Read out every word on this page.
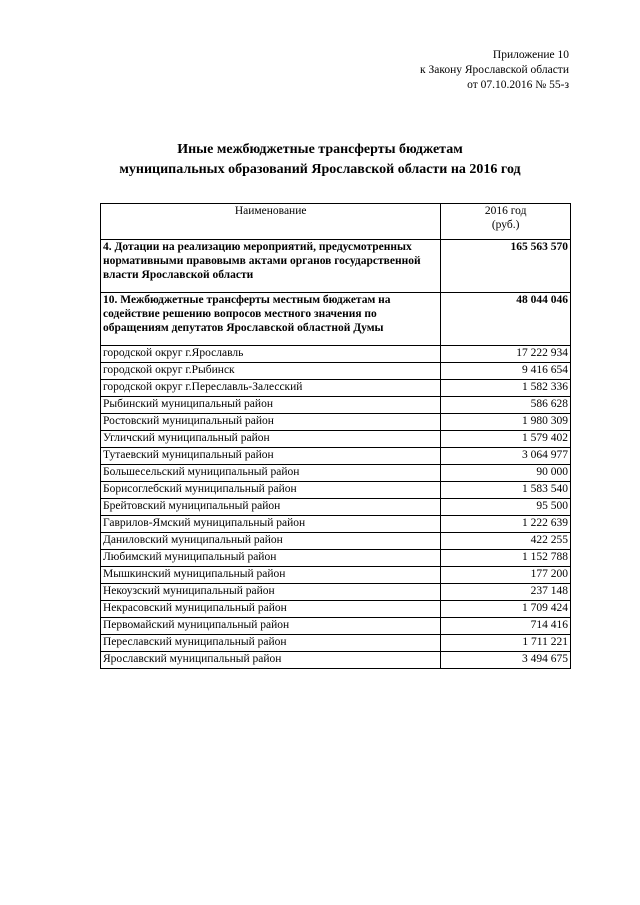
Приложение 10
к Закону Ярославской области
от 07.10.2016 № 55-з
Иные межбюджетные трансферты бюджетам
муниципальных образований Ярославской области на 2016 год
Наименование	2016 год
(руб.)

4. Дотации на реализацию мероприятий, предусмотренных нормативными правовымв актами органов государственной власти Ярославской области	165 563 570
10. Межбюджетные трансферты местным бюджетам на содействие решению вопросов местного значения по обращениям депутатов Ярославской областной Думы	48 044 046
городской округ г.Ярославль	17 222 934
городской округ г.Рыбинск	9 416 654
городской округ г.Переславль-Залесский	1 582 336
Рыбинский муниципальный район	586 628
Ростовский муниципальный район	1 980 309
Угличский муниципальный район	1 579 402
Тутаевский муниципальный район	3 064 977
Большесельский муниципальный район	90 000
Борисоглебский муниципальный район	1 583 540
Брейтовский муниципальный район	95 500
Гаврилов-Ямский муниципальный район	1 222 639
Даниловский муниципальный район	422 255
Любимский муниципальный район	1 152 788
Мышкинский муниципальный район	177 200
Некоузский муниципальный район	237 148
Некрасовский муниципальный район	1 709 424
Первомайский муниципальный район	714 416
Переславский муниципальный район	1 711 221
Ярославский муниципальный район	3 494 675
